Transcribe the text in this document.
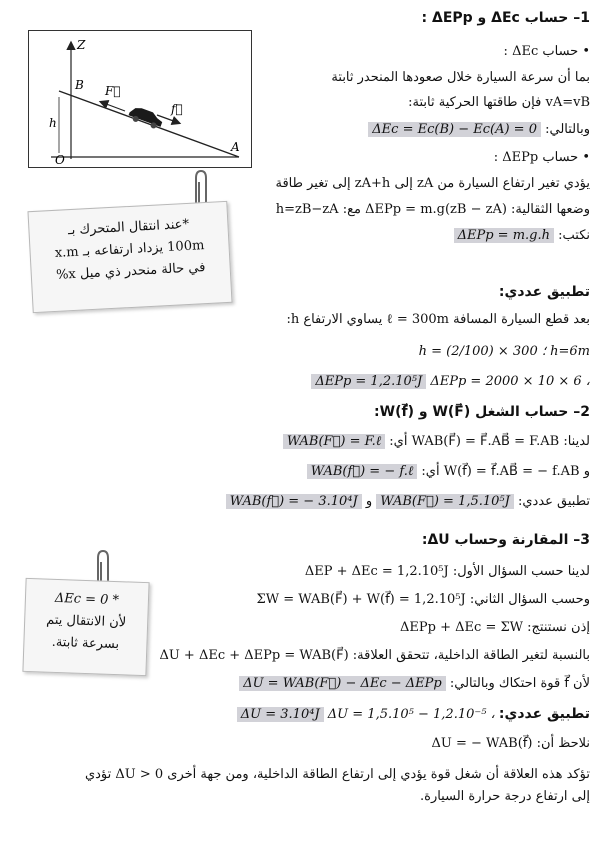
Z
B
h
O
A
F⃗
f⃗
1– حساب ΔEc و ΔEPp :
• حساب ΔEc :
بما أن سرعة السيارة خلال صعودها المنحدر ثابتة
vA=vB فإن طاقتها الحركية ثابتة:
وبالتالي: ΔEc = Ec(B) − Ec(A) = 0
• حساب ΔEPp :
يؤدي تغير ارتفاع السيارة من zA إلى zA+h إلى تغير طاقة
وضعها الثقالية: ΔEPp = m.g(zB − zA) مع: h=zB−zA
نكتب: ΔEPp = m.g.h
*عند انتقال المتحرك بـ
100m يزداد ارتفاعه بـ x.m
في حالة منحدر ذي ميل x%
تطبيق عددي:
بعد قطع السيارة المسافة ℓ = 300m يساوي الارتفاع h:
h = (2/100) × 300 ؛ h=6m
ΔEPp = 2000 × 10 × 6 ، ΔEPp = 1,2.10⁵J
2– حساب الشغل W(F⃗) و W(f⃗):
لدينا: WAB(F⃗) = F⃗.AB⃗ = F.AB أي: WAB(F⃗) = F.ℓ
و W(f⃗) = f⃗.AB⃗ = − f.AB أي: WAB(f⃗) = − f.ℓ
تطبيق عددي: WAB(F⃗) = 1,5.10⁵J و WAB(f⃗) = − 3.10⁴J
3– المقارنة وحساب ΔU:
لدينا حسب السؤال الأول: ΔEP + ΔEc = 1,2.10⁵J
وحسب السؤال الثاني: ΣW = WAB(F⃗) + W(f⃗) = 1,2.10⁵J
إذن نستنتج: ΔEPp + ΔEc = ΣW
بالنسبة لتغير الطاقة الداخلية، تتحقق العلاقة: ΔU + ΔEc + ΔEPp = WAB(F⃗)
لأن f⃗ قوة احتكاك وبالتالي: ΔU = WAB(F⃗) − ΔEc − ΔEPp
تطبيق عددي: ΔU = 1,5.10⁵ − 1,2.10⁻⁵ ، ΔU = 3.10⁴J
نلاحظ أن: ΔU = − WAB(f⃗)
تؤكد هذه العلاقة أن شغل قوة يؤدي إلى ارتفاع الطاقة الداخلية، ومن جهة أخرى ΔU > 0 تؤدي
إلى ارتفاع درجة حرارة السيارة.
* ΔEc = 0
لأن الانتقال يتم
بسرعة ثابتة.
